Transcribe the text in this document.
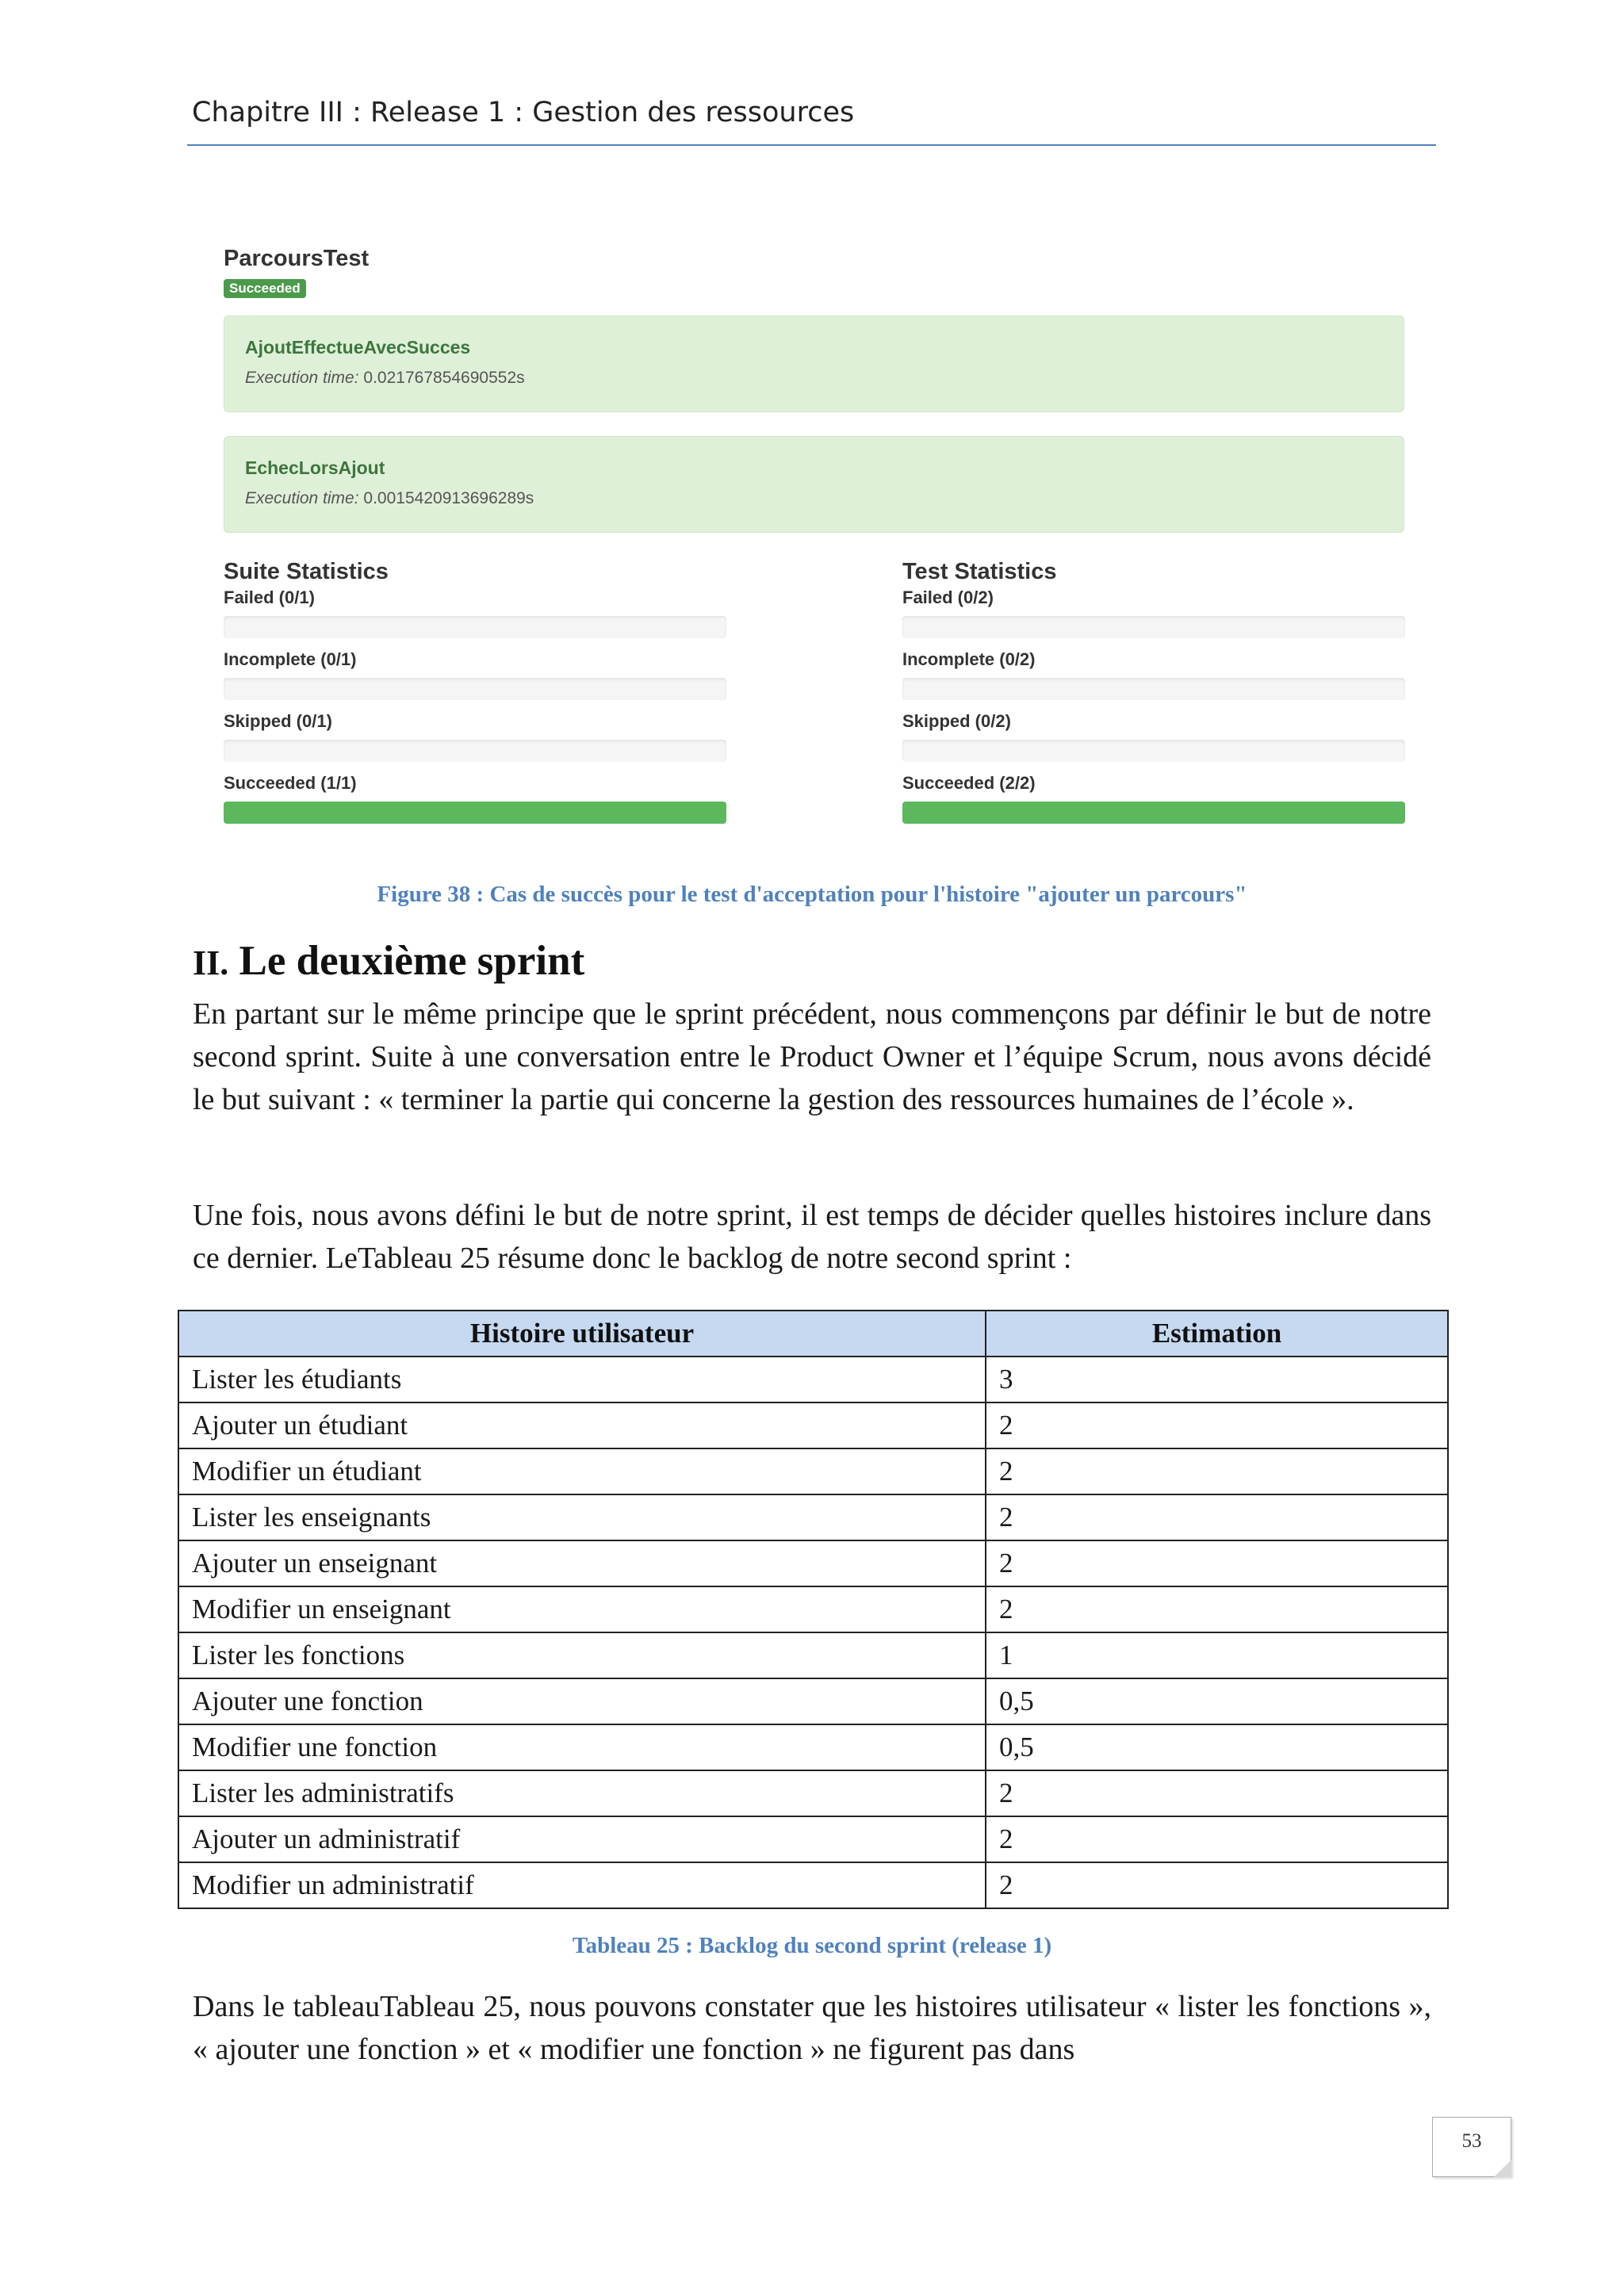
Chapitre III : Release 1 : Gestion des ressources
ParcoursTest
Succeeded
AjoutEffectueAvecSucces
Execution time: 0.021767854690552s
EchecLorsAjout
Execution time: 0.0015420913696289s
Suite Statistics
Failed (0/1)
Incomplete (0/1)
Skipped (0/1)
Succeeded (1/1)
Test Statistics
Failed (0/2)
Incomplete (0/2)
Skipped (0/2)
Succeeded (2/2)
Figure 38 : Cas de succès pour le test d'acceptation pour l'histoire "ajouter un parcours"
II. Le deuxième sprint
En partant sur le même principe que le sprint précédent, nous commençons par définir le but de notre second sprint. Suite à une conversation entre le Product Owner et l’équipe Scrum, nous avons décidé le but suivant : « terminer la partie qui concerne la gestion des ressources humaines de l’école ».
Une fois, nous avons défini le but de notre sprint, il est temps de décider quelles histoires inclure dans ce dernier. LeTableau 25 résume donc le backlog de notre second sprint :
Histoire utilisateur	Estimation
Lister les étudiants	3
Ajouter un étudiant	2
Modifier un étudiant	2
Lister les enseignants	2
Ajouter un enseignant	2
Modifier un enseignant	2
Lister les fonctions	1
Ajouter une fonction	0,5
Modifier une fonction	0,5
Lister les administratifs	2
Ajouter un administratif	2
Modifier un administratif	2
Tableau 25 : Backlog du second sprint (release 1)
Dans le tableauTableau 25, nous pouvons constater que les histoires utilisateur « lister les fonctions », « ajouter une fonction » et « modifier une fonction » ne figurent pas dans
53
